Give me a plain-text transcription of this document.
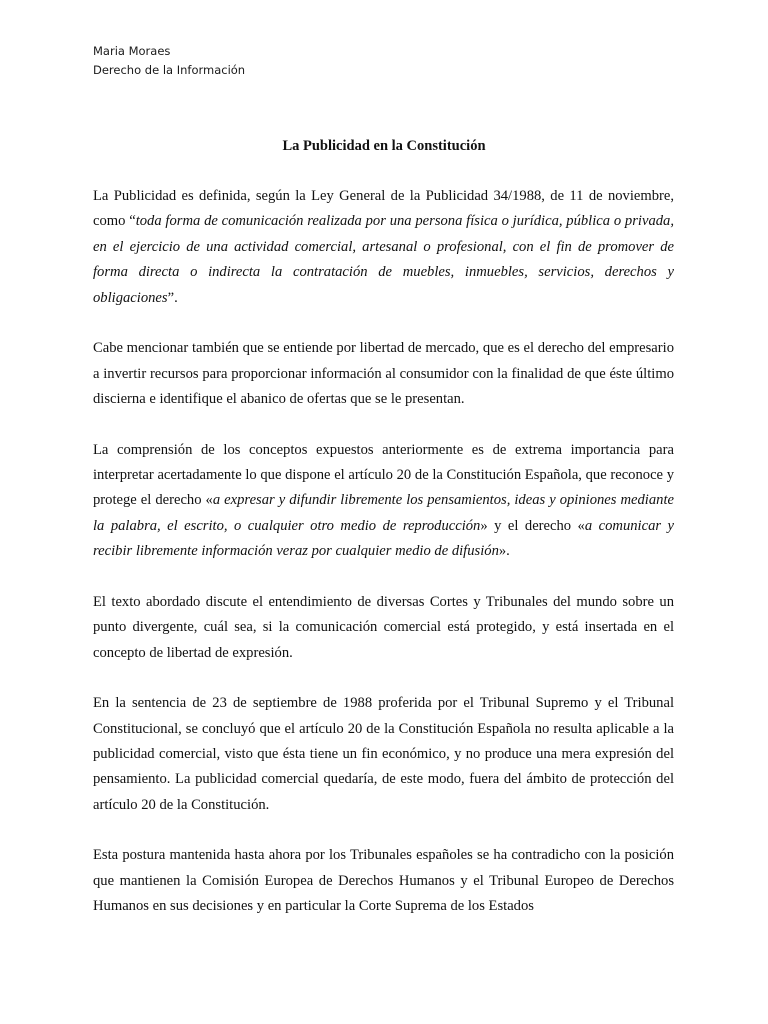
Maria Moraes
Derecho de la Información
La Publicidad en la Constitución

La Publicidad es definida, según la Ley General de la Publicidad 34/1988, de 11 de noviembre, como “toda forma de comunicación realizada por una persona física o jurídica, pública o privada, en el ejercicio de una actividad comercial, artesanal o profesional, con el fin de promover de forma directa o indirecta la contratación de muebles, inmuebles, servicios, derechos y obligaciones”.

Cabe mencionar también que se entiende por libertad de mercado, que es el derecho del empresario a invertir recursos para proporcionar información al consumidor con la finalidad de que éste último discierna e identifique el abanico de ofertas que se le presentan.

La comprensión de los conceptos expuestos anteriormente es de extrema importancia para interpretar acertadamente lo que dispone el artículo 20 de la Constitución Española, que reconoce y protege el derecho «a expresar y difundir libremente los pensamientos, ideas y opiniones mediante la palabra, el escrito, o cualquier otro medio de reproducción» y el derecho «a comunicar y recibir libremente información veraz por cualquier medio de difusión».

El texto abordado discute el entendimiento de diversas Cortes y Tribunales del mundo sobre un punto divergente, cuál sea, si la comunicación comercial está protegido, y está insertada en el concepto de libertad de expresión.

En la sentencia de 23 de septiembre de 1988 proferida por el Tribunal Supremo y el Tribunal Constitucional, se concluyó que el artículo 20 de la Constitución Española no resulta aplicable a la publicidad comercial, visto que ésta tiene un fin económico, y no produce una mera expresión del pensamiento. La publicidad comercial quedaría, de este modo, fuera del ámbito de protección del artículo 20 de la Constitución.

Esta postura mantenida hasta ahora por los Tribunales españoles se ha contradicho con la posición que mantienen la Comisión Europea de Derechos Humanos y el Tribunal Europeo de Derechos Humanos en sus decisiones y en particular la Corte Suprema de los Estados
